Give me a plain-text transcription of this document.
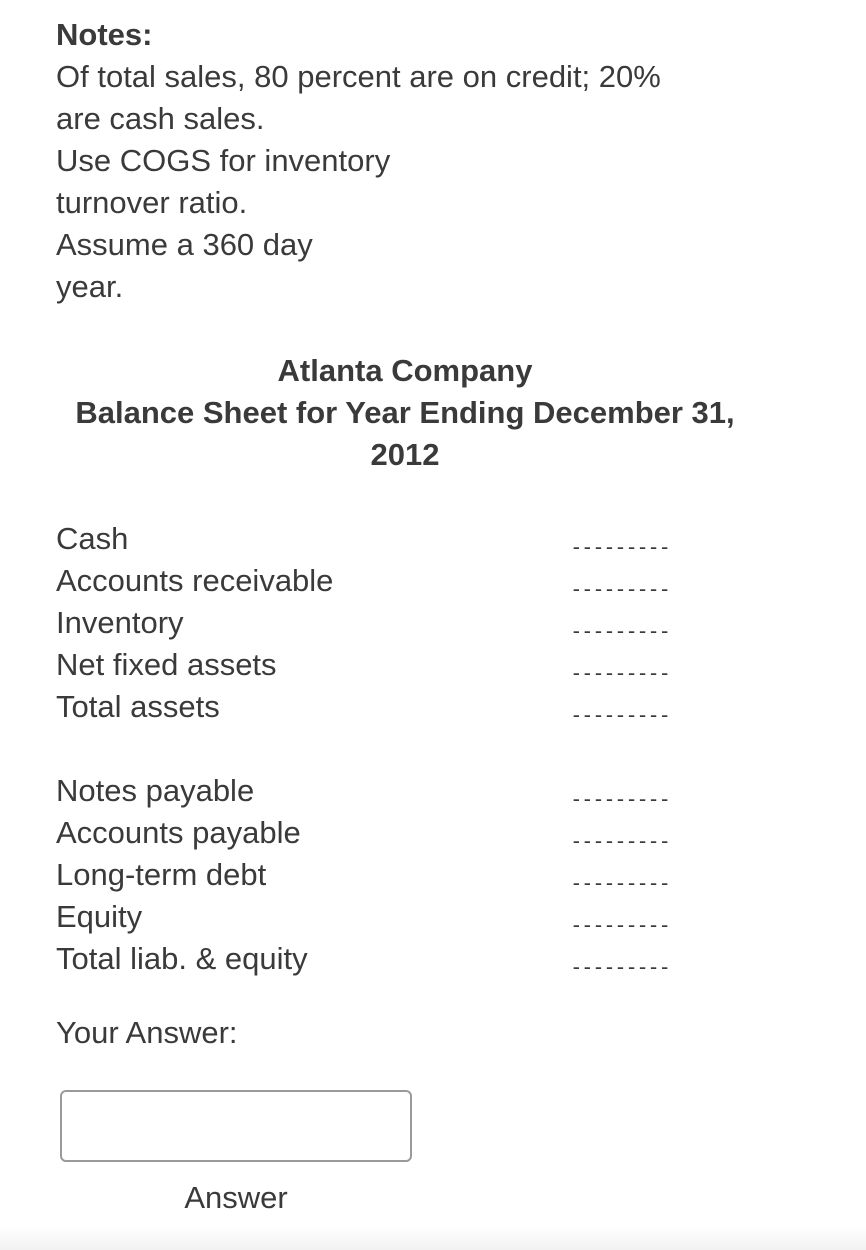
Notes:
Of total sales, 80 percent are on credit; 20%
are cash sales.
Use COGS for inventory
turnover ratio.
Assume a 360 day
year.
Atlanta Company
Balance Sheet for Year Ending December 31,
2012
Cash	---------
Accounts receivable	---------
Inventory	---------
Net fixed assets	---------
Total assets	---------
Notes payable	---------
Accounts payable	---------
Long-term debt	---------
Equity	---------
Total liab. & equity	---------
Your Answer:
Answer
